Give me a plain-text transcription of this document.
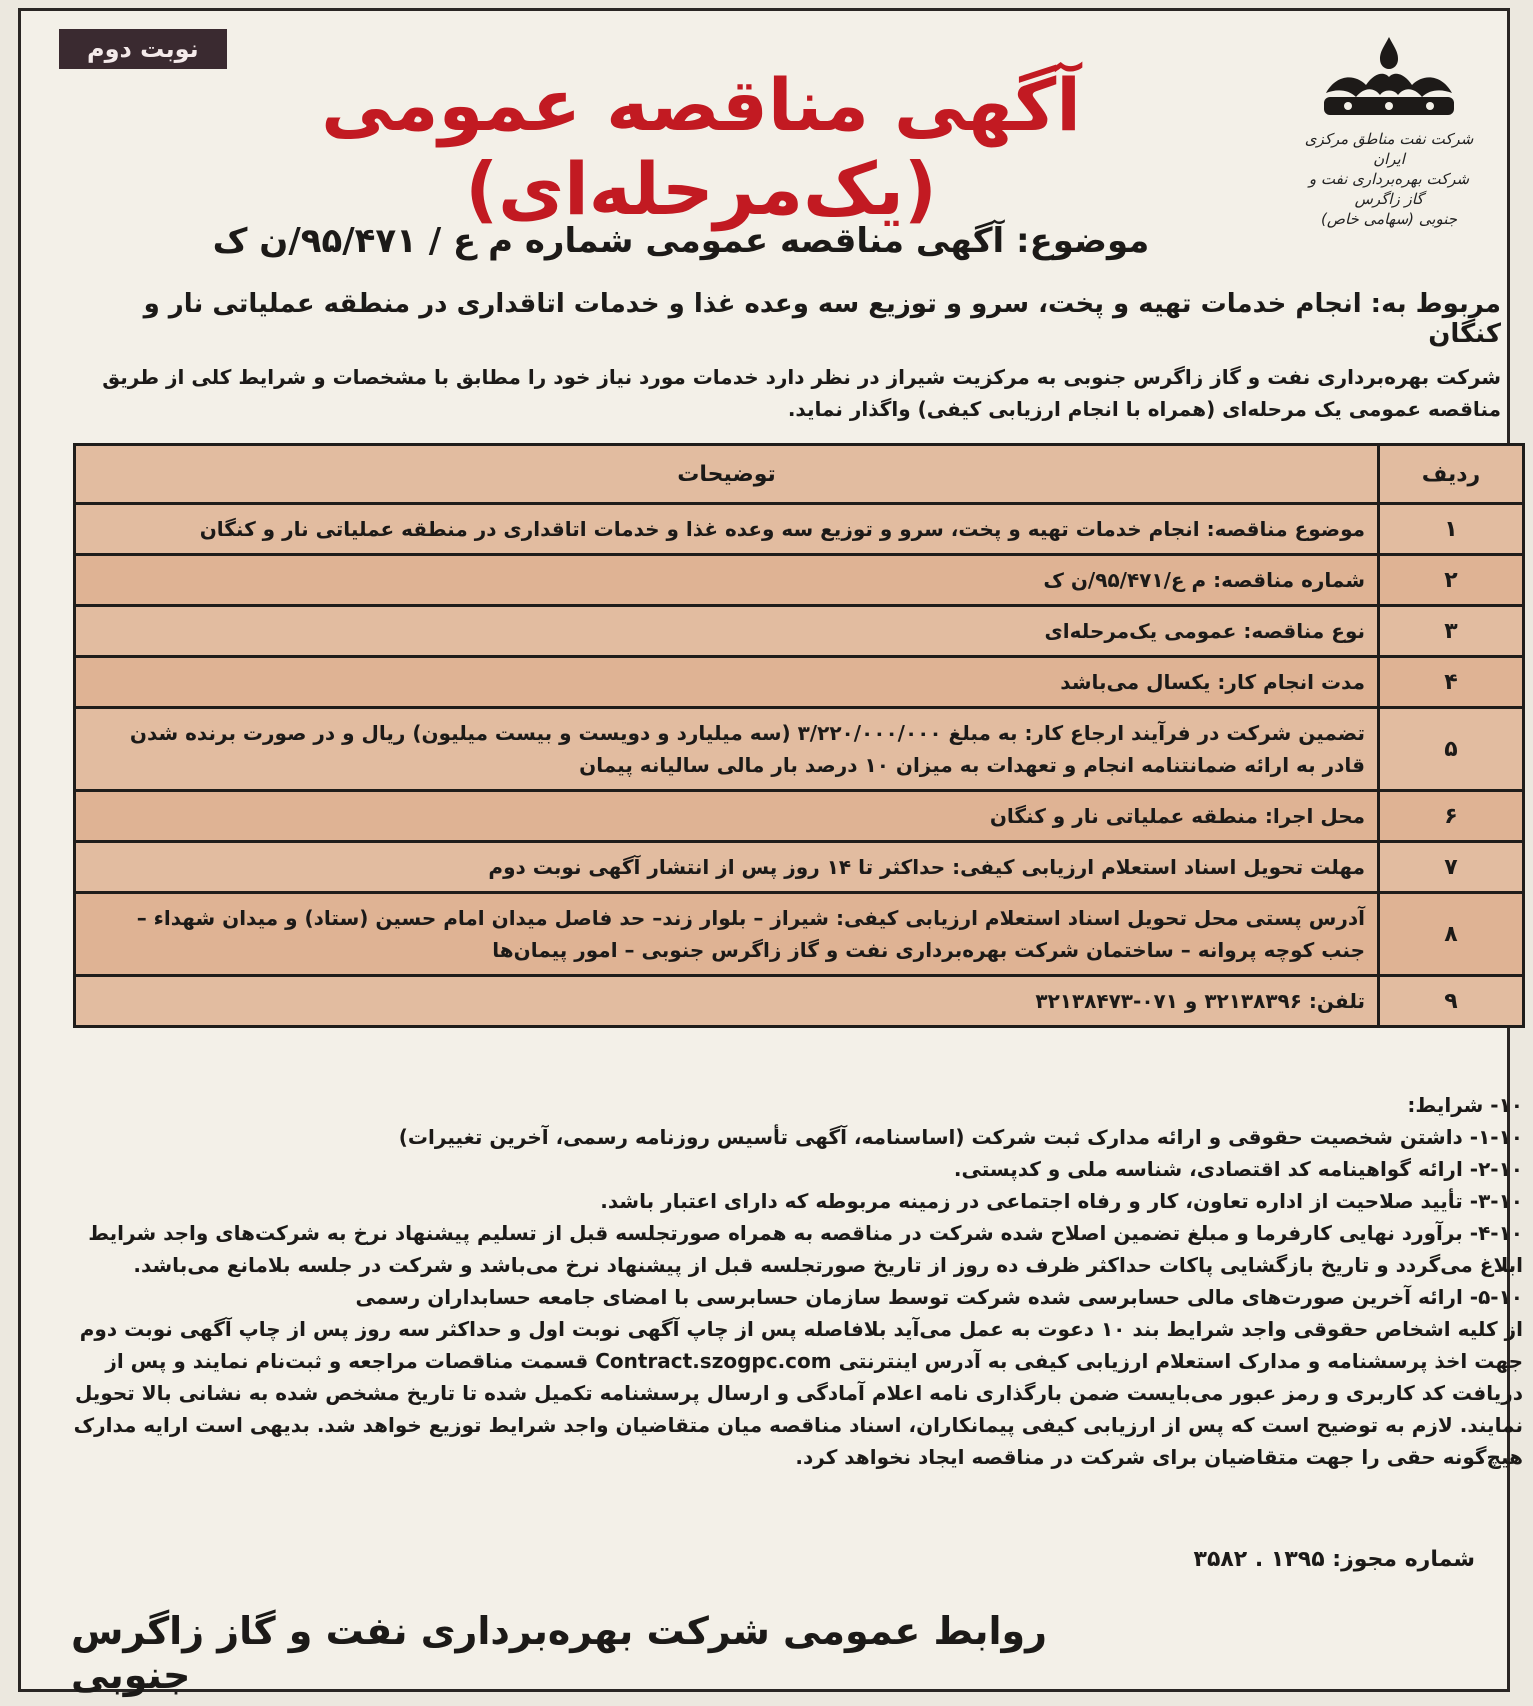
نوبت دوم
شرکت نفت مناطق مرکزی ایران
شرکت بهره‌برداری نفت و گاز زاگرس
جنوبی (سهامی خاص)
آگهی مناقصه عمومی (یک‌مرحله‌ای)
موضوع: آگهی مناقصه عمومی شماره م ع / ۹۵/۴۷۱/ن ک
مربوط به: انجام خدمات تهیه و پخت، سرو و توزیع سه وعده غذا و خدمات اتاقداری در منطقه عملیاتی نار و کنگان
شرکت بهره‌برداری نفت و گاز زاگرس جنوبی به مرکزیت شیراز در نظر دارد خدمات مورد نیاز خود را مطابق با مشخصات و شرایط کلی از طریق مناقصه عمومی یک مرحله‌ای (همراه با انجام ارزیابی کیفی) واگذار نماید.
ردیف	توضیحات
۱	موضوع مناقصه: انجام خدمات تهیه و پخت، سرو و توزیع سه وعده غذا و خدمات اتاقداری در منطقه عملیاتی نار و کنگان
۲	شماره مناقصه: م ع/۹۵/۴۷۱/ن ک
۳	نوع مناقصه: عمومی یک‌مرحله‌ای
۴	مدت انجام کار: یکسال می‌باشد
۵	تضمین شرکت در فرآیند ارجاع کار: به مبلغ ۳/۲۲۰/۰۰۰/۰۰۰ (سه میلیارد و دویست و بیست میلیون) ریال و در صورت برنده شدن قادر به ارائه ضمانتنامه انجام و تعهدات به میزان ۱۰ درصد بار مالی سالیانه پیمان
۶	محل اجرا: منطقه عملیاتی نار و کنگان
۷	مهلت تحویل اسناد استعلام ارزیابی کیفی: حداکثر تا ۱۴ روز پس از انتشار آگهی نوبت دوم
۸	آدرس پستی محل تحویل اسناد استعلام ارزیابی کیفی: شیراز – بلوار زند– حد فاصل میدان امام حسین (ستاد) و میدان شهداء – جنب کوچه پروانه – ساختمان شرکت بهره‌برداری نفت و گاز زاگرس جنوبی – امور پیمان‌ها
۹	تلفن: ۳۲۱۳۸۳۹۶ و ۰۷۱-۳۲۱۳۸۴۷۳

۱۰- شرایط:

۱-۱۰- داشتن شخصیت حقوقی و ارائه مدارک ثبت شرکت (اساسنامه، آگهی تأسیس روزنامه رسمی، آخرین تغییرات)

۲-۱۰- ارائه گواهینامه کد اقتصادی، شناسه ملی و کدپستی.

۳-۱۰- تأیید صلاحیت از اداره تعاون، کار و رفاه اجتماعی در زمینه مربوطه که دارای اعتبار باشد.

۴-۱۰- برآورد نهایی کارفرما و مبلغ تضمین اصلاح شده شرکت در مناقصه به همراه صورتجلسه قبل از تسلیم پیشنهاد نرخ به شرکت‌های واجد شرایط ابلاغ می‌گردد و تاریخ بازگشایی پاکات حداکثر ظرف ده روز از تاریخ صورتجلسه قبل از پیشنهاد نرخ می‌باشد و شرکت در جلسه بلامانع می‌باشد.

۵-۱۰- ارائه آخرین صورت‌های مالی حسابرسی شده شرکت توسط سازمان حسابرسی با امضای جامعه حسابداران رسمی

از کلیه اشخاص حقوقی واجد شرایط بند ۱۰ دعوت به عمل می‌آید بلافاصله پس از چاپ آگهی نوبت اول و حداکثر سه روز پس از چاپ آگهی نوبت دوم جهت اخذ پرسشنامه و مدارک استعلام ارزیابی کیفی به آدرس اینترنتی Contract.szogpc.com قسمت مناقصات مراجعه و ثبت‌نام نمایند و پس از دریافت کد کاربری و رمز عبور می‌بایست ضمن بارگذاری نامه اعلام آمادگی و ارسال پرسشنامه تکمیل شده تا تاریخ مشخص شده به نشانی بالا تحویل نمایند. لازم به توضیح است که پس از ارزیابی کیفی پیمانکاران، اسناد مناقصه میان متقاضیان واجد شرایط توزیع خواهد شد. بدیهی است ارایه مدارک هیچ‌گونه حقی را جهت متقاضیان برای شرکت در مناقصه ایجاد نخواهد کرد.

شماره مجوز: ۱۳۹۵ . ۳۵۸۲
روابط عمومی شرکت بهره‌برداری نفت و گاز زاگرس جنوبی
